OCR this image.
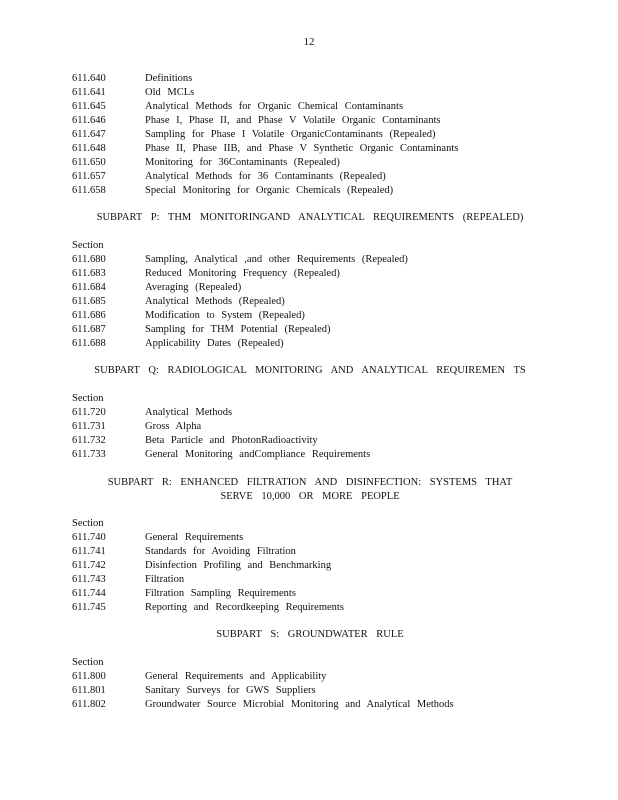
12
611.640	Definitions
611.641	Old MCLs
611.645	Analytical Methods for Organic Chemical Contaminants
611.646	Phase I, Phase II, and Phase V Volatile Organic Contaminants
611.647	Sampling for Phase I Volatile OrganicContaminants (Repealed)
611.648	Phase II, Phase IIB, and Phase V Synthetic Organic Contaminants
611.650	Monitoring for 36Contaminants (Repealed)
611.657	Analytical Methods for 36 Contaminants (Repealed)
611.658	Special Monitoring for Organic Chemicals (Repealed)
SUBPART P: THM MONITORINGAND ANALYTICAL REQUIREMENTS (REPEALED)
Section
611.680	Sampling, Analytical ,and other Requirements (Repealed)
611.683	Reduced Monitoring Frequency (Repealed)
611.684	Averaging (Repealed)
611.685	Analytical Methods (Repealed)
611.686	Modification to System (Repealed)
611.687	Sampling for THM Potential (Repealed)
611.688	Applicability Dates (Repealed)
SUBPART Q: RADIOLOGICAL MONITORING AND ANALYTICAL REQUIREMEN TS
Section
611.720	Analytical Methods
611.731	Gross Alpha
611.732	Beta Particle and PhotonRadioactivity
611.733	General Monitoring andCompliance Requirements
SUBPART R: ENHANCED FILTRATION AND DISINFECTION: SYSTEMS THAT
SERVE 10,000 OR MORE PEOPLE
Section
611.740	General Requirements
611.741	Standards for Avoiding Filtration
611.742	Disinfection Profiling and Benchmarking
611.743	Filtration
611.744	Filtration Sampling Requirements
611.745	Reporting and Recordkeeping Requirements
SUBPART S: GROUNDWATER RULE
Section
611.800	General Requirements and Applicability
611.801	Sanitary Surveys for GWS Suppliers
611.802	Groundwater Source Microbial Monitoring and Analytical Methods
